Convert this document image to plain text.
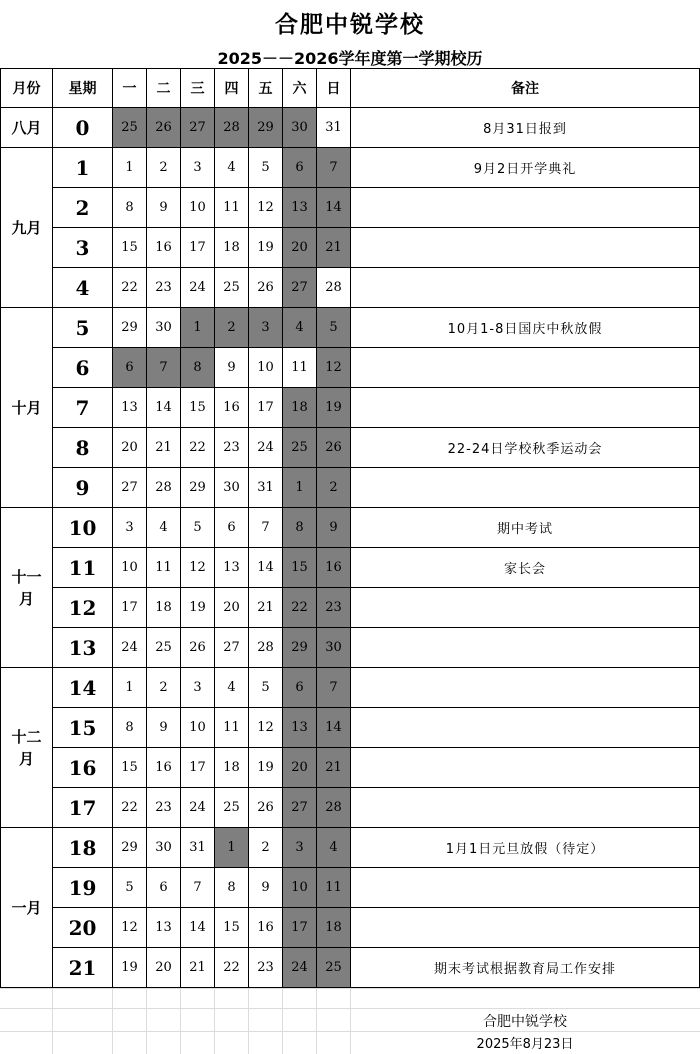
合肥中锐学校
2025－－2026学年度第一学期校历
月份	星期	一	二	三	四	五	六	日	备注
八月	0	25	26	27	28	29	30	31	8月31日报到
九月	1	1	2	3	4	5	6	7	9月2日开学典礼
	2	8	9	10	11	12	13	14	
	3	15	16	17	18	19	20	21	
	4	22	23	24	25	26	27	28	
十月	5	29	30	1	2	3	4	5	10月1-8日国庆中秋放假
	6	6	7	8	9	10	11	12	
	7	13	14	15	16	17	18	19	
	8	20	21	22	23	24	25	26	22-24日学校秋季运动会
	9	27	28	29	30	31	1	2	
十一月	10	3	4	5	6	7	8	9	期中考试
	11	10	11	12	13	14	15	16	家长会
	12	17	18	19	20	21	22	23	
	13	24	25	26	27	28	29	30	
十二月	14	1	2	3	4	5	6	7	
	15	8	9	10	11	12	13	14	
	16	15	16	17	18	19	20	21	
	17	22	23	24	25	26	27	28	
一月	18	29	30	31	1	2	3	4	1月1日元旦放假（待定）
	19	5	6	7	8	9	10	11	
	20	12	13	14	15	16	17	18	
	21	19	20	21	22	23	24	25	期末考试根据教育局工作安排
合肥中锐学校
2025年8月23日
